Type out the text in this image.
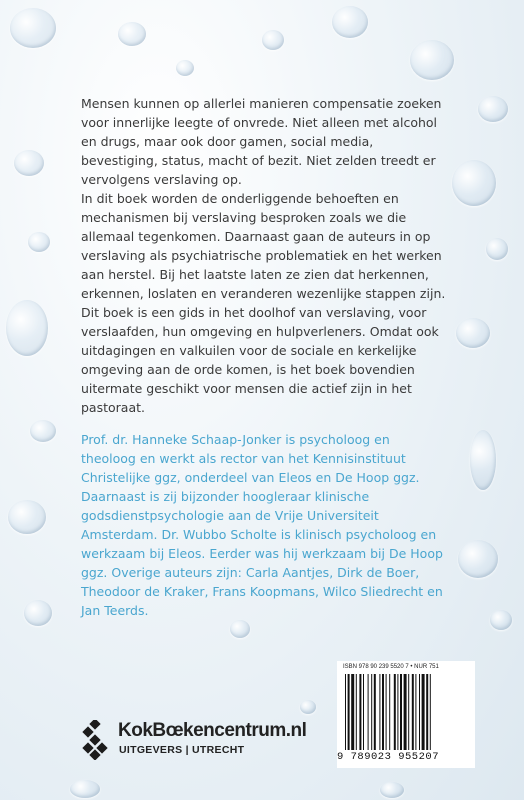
Mensen kunnen op allerlei manieren compensatie zoeken voor innerlijke leegte of onvrede. Niet alleen met alcohol en drugs, maar ook door gamen, social media, bevestiging, status, macht of bezit. Niet zelden treedt er vervolgens verslaving op.

In dit boek worden de onderliggende behoeften en mechanismen bij verslaving besproken zoals we die allemaal tegenkomen. Daarnaast gaan de auteurs in op verslaving als psychiatrische problematiek en het werken aan herstel. Bij het laatste laten ze zien dat herkennen, erkennen, loslaten en veranderen wezenlijke stappen zijn.

Dit boek is een gids in het doolhof van verslaving, voor verslaafden, hun omgeving en hulpverleners. Omdat ook uitdagingen en valkuilen voor de sociale en kerkelijke omgeving aan de orde komen, is het boek bovendien uitermate geschikt voor mensen die actief zijn in het pastoraat.

Prof. dr. Hanneke Schaap-Jonker is psycholoog en theoloog en werkt als rector van het Kennisinstituut Christelijke ggz, onderdeel van Eleos en De Hoop ggz. Daarnaast is zij bijzonder hoogleraar klinische godsdienstpsychologie aan de Vrije Universiteit Amsterdam. Dr. Wubbo Scholte is klinisch psycholoog en werkzaam bij Eleos. Eerder was hij werkzaam bij De Hoop ggz. Overige auteurs zijn: Carla Aantjes, Dirk de Boer, Theodoor de Kraker, Frans Koopmans, Wilco Sliedrecht en Jan Teerds.

KokBœkencentrum.nl
UITGEVERS | UTRECHT
ISBN 978 90 239 5520 7 • NUR 751
9 789023 955207
